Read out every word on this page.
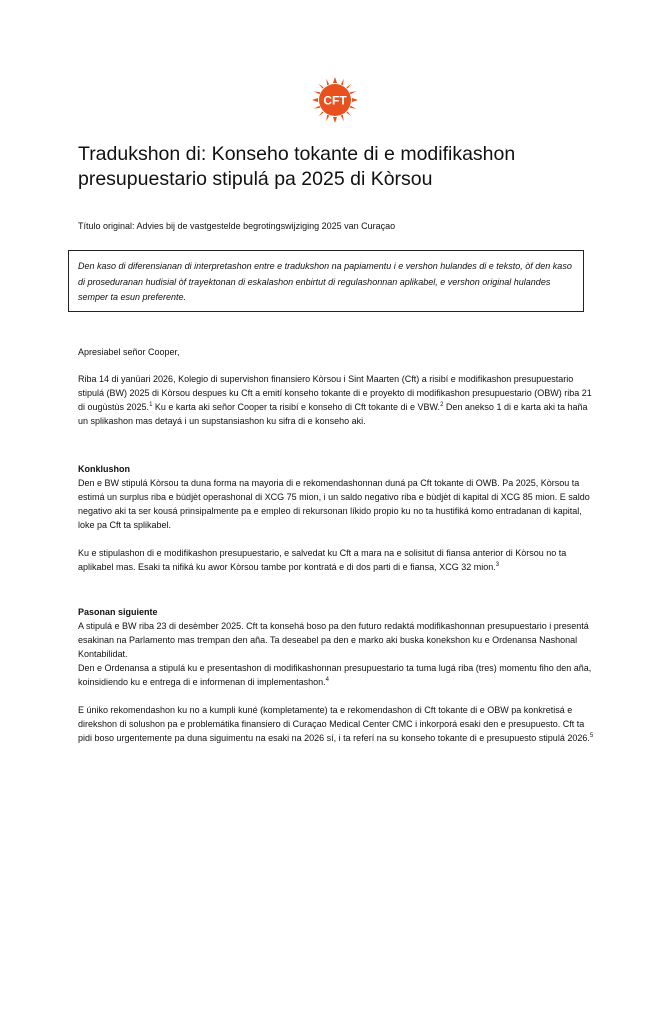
CFT
Tradukshon di: Konseho tokante di e modifikashon presupuestario stipulá pa 2025 di Kòrsou
Título original: Advies bij de vastgestelde begrotingswijziging 2025 van Curaçao
Den kaso di diferensianan di interpretashon entre e tradukshon na papiamentu i e vershon hulandes di e teksto, òf den kaso di proseduranan hudisial òf trayektonan di eskalashon enbirtut di regulashonnan aplikabel, e vershon original hulandes semper ta esun preferente.

Apresiabel señor Cooper,

Riba 14 di yanüari 2026, Kolegio di supervishon finansiero Kòrsou i Sint Maarten (Cft) a risibí e modifikashon presupuestario stipulá (BW) 2025 di Kòrsou despues ku Cft a emití konseho tokante di e proyekto di modifikashon presupuestario (OBW) riba 21 di ougùstùs 2025.$^1$ Ku e karta aki señor Cooper ta risibí e konseho di Cft tokante di e VBW.$^2$ Den anekso 1 di e karta aki ta haña un splikashon mas detayá i un supstansiashon ku sifra di e konseho aki.

Konklushon

Den e BW stipulá Kòrsou ta duna forma na mayoria di e rekomendashonnan duná pa Cft tokante di OWB. Pa 2025, Kòrsou ta estimá un surplus riba e bùdjèt operashonal di XCG 75 mion, i un saldo negativo riba e bùdjèt di kapital di XCG 85 mion. E saldo negativo aki ta ser kousá prinsipalmente pa e empleo di rekursonan líkido propio ku no ta hustifiká komo entradanan di kapital, loke pa Cft ta splikabel.

Ku e stipulashon di e modifikashon presupuestario, e salvedat ku Cft a mara na e solisitut di fiansa anterior di Kòrsou no ta aplikabel mas. Esaki ta nifiká ku awor Kòrsou tambe por kontratá e di dos parti di e fiansa, XCG 32 mion.$^3$

Pasonan siguiente

A stipulá e BW riba 23 di desèmber 2025. Cft ta konsehá boso pa den futuro redaktá modifikashonnan presupuestario i presentá esakinan na Parlamento mas trempan den aña. Ta deseabel pa den e marko aki buska konekshon ku e Ordenansa Nashonal Kontabilidat.

Den e Ordenansa a stipulá ku e presentashon di modifikashonnan presupuestario ta tuma lugá riba (tres) momentu fiho den aña, koinsidiendo ku e entrega di e informenan di implementashon.$^4$

E úniko rekomendashon ku no a kumpli kuné (kompletamente) ta e rekomendashon di Cft tokante di e OBW pa konkretisá e direkshon di solushon pa e problemátika finansiero di Curaçao Medical Center CMC i inkorporá esaki den e presupuesto. Cft ta pidi boso urgentemente pa duna siguimentu na esaki na 2026 sí, i ta referí na su konseho tokante di e presupuesto stipulá 2026.$^5$
